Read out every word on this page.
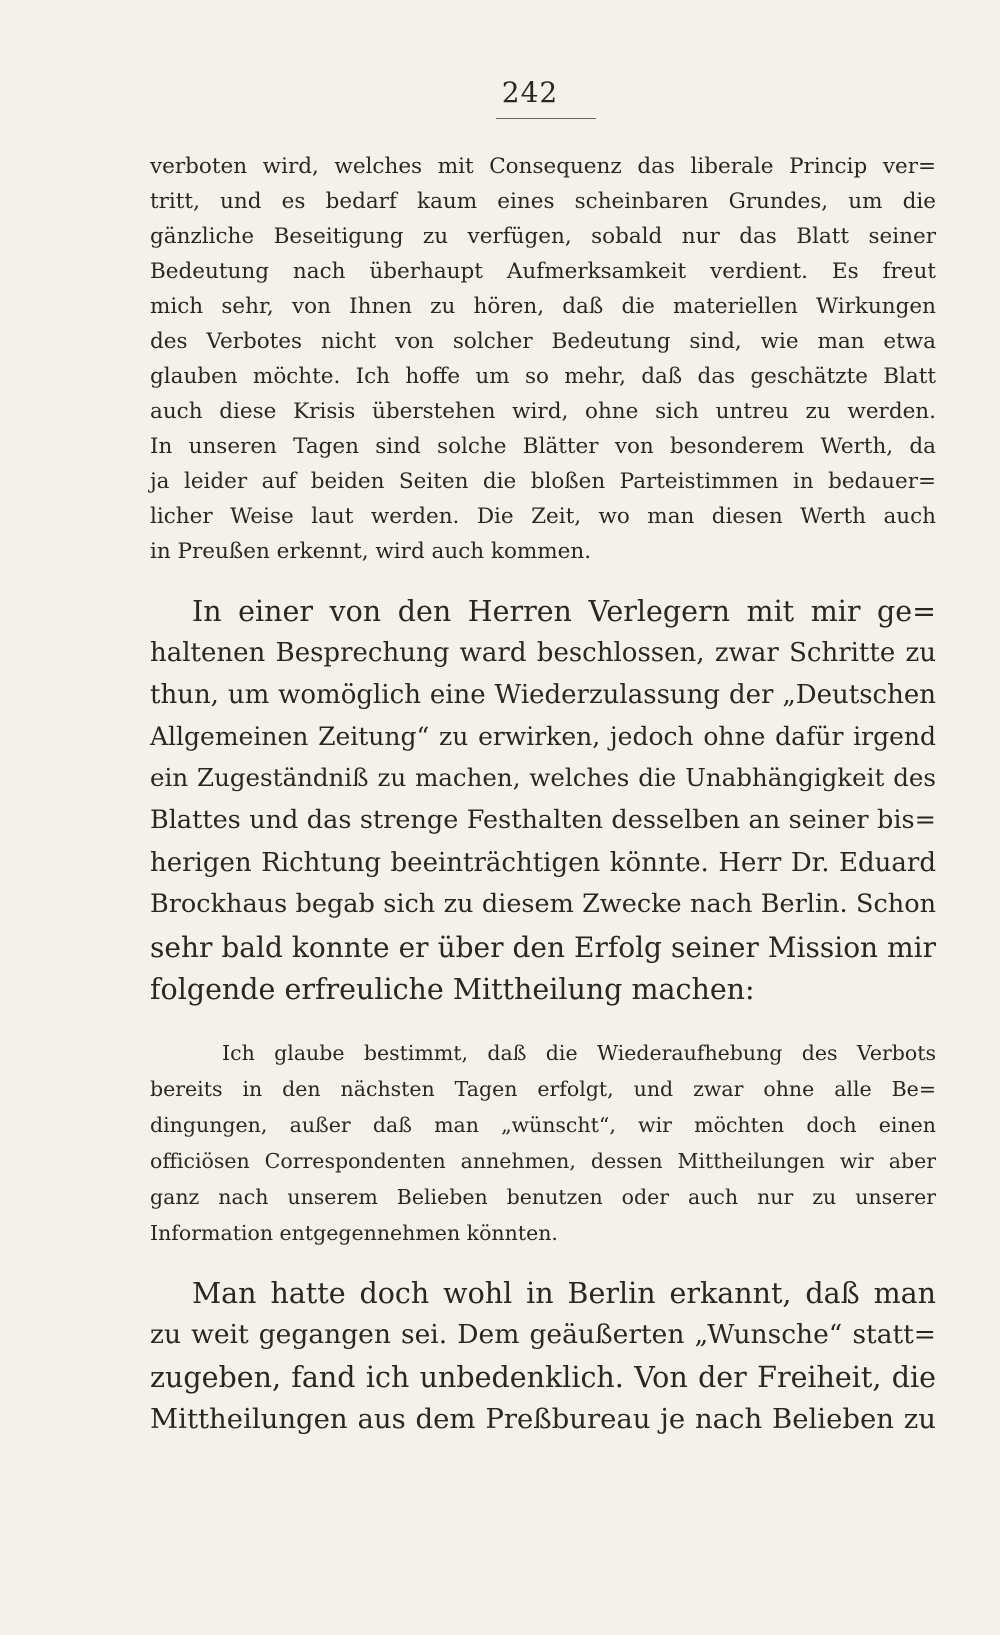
242

verboten wird, welches mit Consequenz das liberale Princip ver=

tritt, und es bedarf kaum eines scheinbaren Grundes, um die

gänzliche Beseitigung zu verfügen, sobald nur das Blatt seiner

Bedeutung nach überhaupt Aufmerksamkeit verdient. Es freut

mich sehr, von Ihnen zu hören, daß die materiellen Wirkungen

des Verbotes nicht von solcher Bedeutung sind, wie man etwa

glauben möchte. Ich hoffe um so mehr, daß das geschätzte Blatt

auch diese Krisis überstehen wird, ohne sich untreu zu werden.

In unseren Tagen sind solche Blätter von besonderem Werth, da

ja leider auf beiden Seiten die bloßen Parteistimmen in bedauer=

licher Weise laut werden. Die Zeit, wo man diesen Werth auch

in Preußen erkennt, wird auch kommen.

In einer von den Herren Verlegern mit mir ge=

haltenen Besprechung ward beschlossen, zwar Schritte zu

thun, um womöglich eine Wiederzulassung der „Deutschen

Allgemeinen Zeitung“ zu erwirken, jedoch ohne dafür irgend

ein Zugeständniß zu machen, welches die Unabhängigkeit des

Blattes und das strenge Festhalten desselben an seiner bis=

herigen Richtung beeinträchtigen könnte. Herr Dr. Eduard

Brockhaus begab sich zu diesem Zwecke nach Berlin. Schon

sehr bald konnte er über den Erfolg seiner Mission mir

folgende erfreuliche Mittheilung machen:

Ich glaube bestimmt, daß die Wiederaufhebung des Verbots

bereits in den nächsten Tagen erfolgt, und zwar ohne alle Be=

dingungen, außer daß man „wünscht“, wir möchten doch einen

officiösen Correspondenten annehmen, dessen Mittheilungen wir aber

ganz nach unserem Belieben benutzen oder auch nur zu unserer

Information entgegennehmen könnten.

Man hatte doch wohl in Berlin erkannt, daß man

zu weit gegangen sei. Dem geäußerten „Wunsche“ statt=

zugeben, fand ich unbedenklich. Von der Freiheit, die

Mittheilungen aus dem Preßbureau je nach Belieben zu
